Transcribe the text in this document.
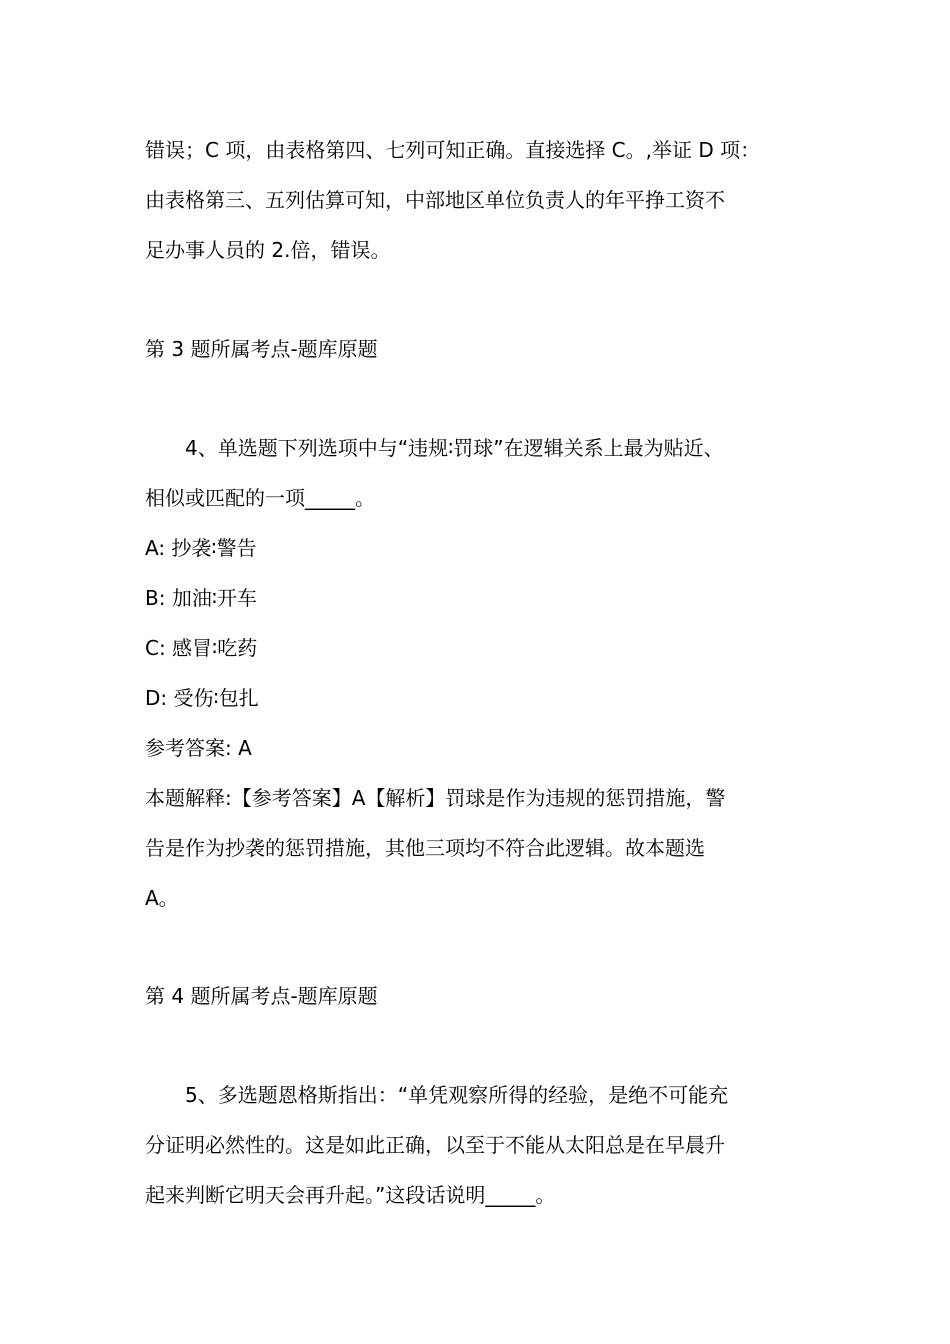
错误；C 项，由表格第四、七列可知正确。直接选择 C。,举证 D 项：
由表格第三、五列估算可知，中部地区单位负责人的年平挣工资不
足办事人员的 2.倍，错误。
第 3 题所属考点-题库原题
4、单选题下列选项中与“违规∶罚球”在逻辑关系上最为贴近、
相似或匹配的一项_____。
A: 抄袭∶警告
B: 加油∶开车
C: 感冒∶吃药
D: 受伤∶包扎
参考答案: A
本题解释:【参考答案】A【解析】罚球是作为违规的惩罚措施，警
告是作为抄袭的惩罚措施，其他三项均不符合此逻辑。故本题选
A。
第 4 题所属考点-题库原题
5、多选题恩格斯指出：“单凭观察所得的经验，是绝不可能充
分证明必然性的。这是如此正确，以至于不能从太阳总是在早晨升
起来判断它明天会再升起。”这段话说明_____。
